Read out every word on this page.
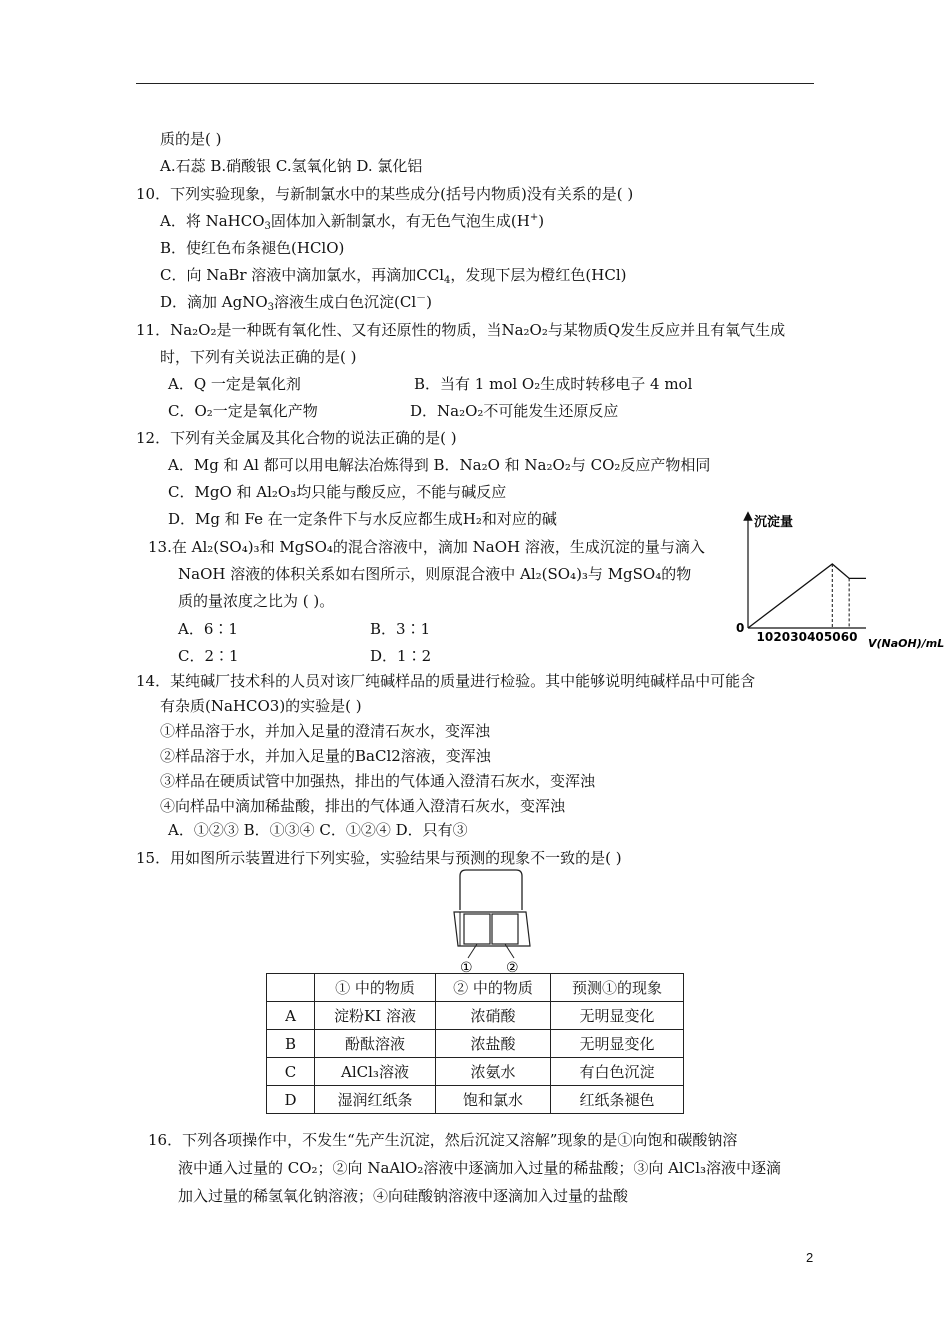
质的是( )
A.石蕊 B.硝酸银 C.氢氧化钠 D. 氯化铝
10．下列实验现象，与新制氯水中的某些成分(括号内物质)没有关系的是( )
A．将 NaHCO$_3$固体加入新制氯水，有无色气泡生成(H+)
B．使红色布条褪色(HClO)
C．向 NaBr 溶液中滴加氯水，再滴加CCl$_4$，发现下层为橙红色(HCl)
D．滴加 AgNO$_3$溶液生成白色沉淀(Cl－)
11．Na₂O₂是一种既有氧化性、又有还原性的物质，当Na₂O₂与某物质Q发生反应并且有氧气生成
时，下列有关说法正确的是( )
A．Q 一定是氧化剂	B．当有 1 mol O₂生成时转移电子 4 mol
C．O₂一定是氧化产物	D．Na₂O₂不可能发生还原反应
12．下列有关金属及其化合物的说法正确的是( )
A．Mg 和 Al 都可以用电解法冶炼得到 B．Na₂O 和 Na₂O₂与 CO₂反应产物相同
C．MgO 和 Al₂O₃均只能与酸反应，不能与碱反应
D．Mg 和 Fe 在一定条件下与水反应都生成H₂和对应的碱
13.在 Al₂(SO₄)₃和 MgSO₄的混合溶液中，滴加 NaOH 溶液，生成沉淀的量与滴入
NaOH 溶液的体积关系如右图所示，则原混合液中 Al₂(SO₄)₃与 MgSO₄的物
质的量浓度之比为 ( )。
A．6∶1	B．3∶1
C．2∶1	D．1∶2
沉淀量
0
10 20 30 40 50 60 V(NaOH)/mL
14．某纯碱厂技术科的人员对该厂纯碱样品的质量进行检验。其中能够说明纯碱样品中可能含
有杂质(NaHCO3)的实验是( )
①样品溶于水，并加入足量的澄清石灰水，变浑浊
②样品溶于水，并加入足量的BaCl2溶液，变浑浊
③样品在硬质试管中加强热，排出的气体通入澄清石灰水，变浑浊
④向样品中滴加稀盐酸，排出的气体通入澄清石灰水，变浑浊
A．①②③ B．①③④ C．①②④ D．只有③
15．用如图所示装置进行下列实验，实验结果与预测的现象不一致的是( )
① ②
	① 中的物质	② 中的物质	预测①的现象
A	淀粉KI 溶液	浓硝酸	无明显变化
B	酚酞溶液	浓盐酸	无明显变化
C	AlCl₃溶液	浓氨水	有白色沉淀
D	湿润红纸条	饱和氯水	红纸条褪色
16．下列各项操作中，不发生“先产生沉淀，然后沉淀又溶解”现象的是①向饱和碳酸钠溶
液中通入过量的 CO₂；②向 NaAlO₂溶液中逐滴加入过量的稀盐酸；③向 AlCl₃溶液中逐滴
加入过量的稀氢氧化钠溶液；④向硅酸钠溶液中逐滴加入过量的盐酸
2
